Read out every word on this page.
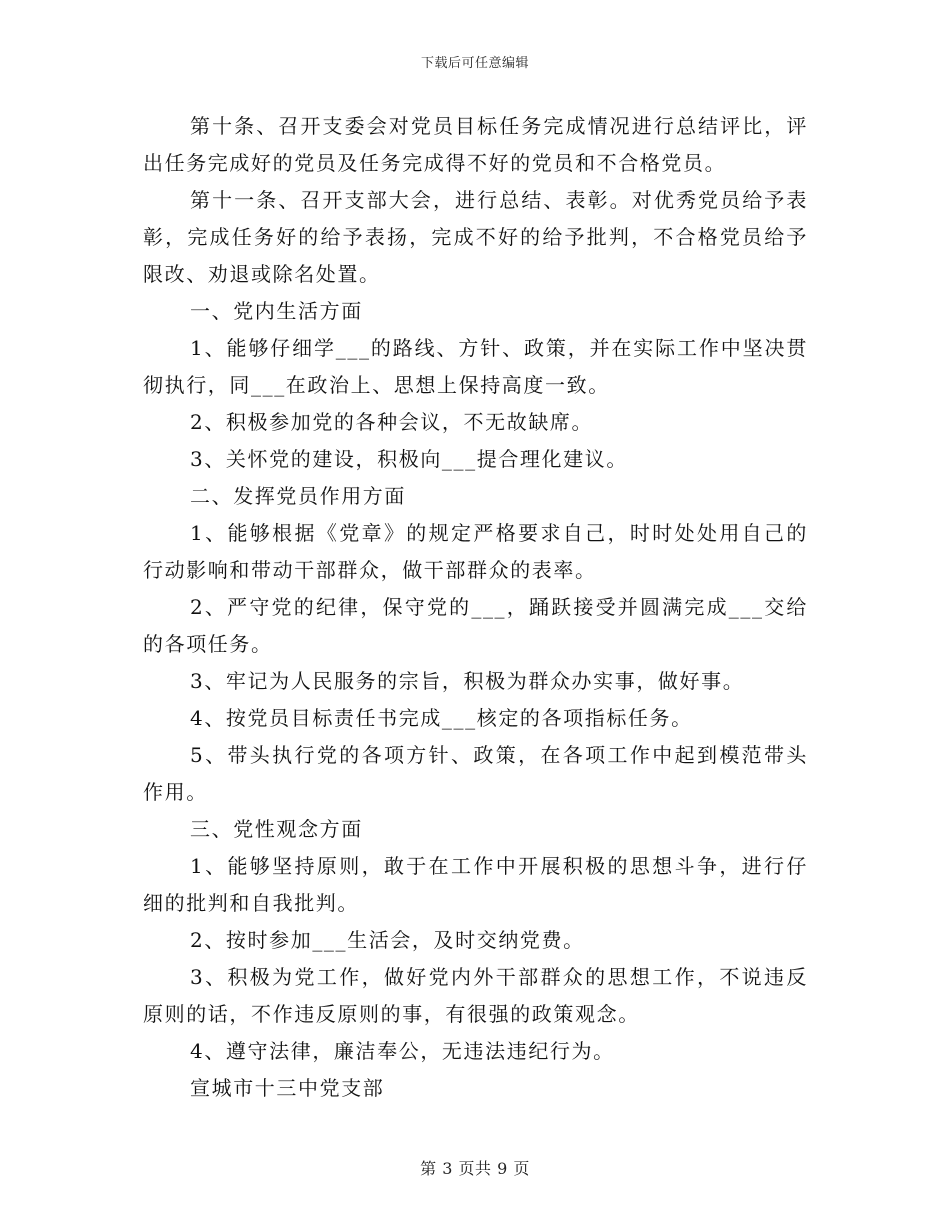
下载后可任意编辑

第十条、召开支委会对党员目标任务完成情况进行总结评比，评出任务完成好的党员及任务完成得不好的党员和不合格党员。

第十一条、召开支部大会，进行总结、表彰。对优秀党员给予表彰，完成任务好的给予表扬，完成不好的给予批判，不合格党员给予限改、劝退或除名处置。

一、党内生活方面

1、能够仔细学___的路线、方针、政策，并在实际工作中坚决贯彻执行，同___在政治上、思想上保持高度一致。

2、积极参加党的各种会议，不无故缺席。

3、关怀党的建设，积极向___提合理化建议。

二、发挥党员作用方面

1、能够根据《党章》的规定严格要求自己，时时处处用自己的行动影响和带动干部群众，做干部群众的表率。

2、严守党的纪律，保守党的___，踊跃接受并圆满完成___交给的各项任务。

3、牢记为人民服务的宗旨，积极为群众办实事，做好事。

4、按党员目标责任书完成___核定的各项指标任务。

5、带头执行党的各项方针、政策，在各项工作中起到模范带头作用。

三、党性观念方面

1、能够坚持原则，敢于在工作中开展积极的思想斗争，进行仔细的批判和自我批判。

2、按时参加___生活会，及时交纳党费。

3、积极为党工作，做好党内外干部群众的思想工作，不说违反原则的话，不作违反原则的事，有很强的政策观念。

4、遵守法律，廉洁奉公，无违法违纪行为。

宣城市十三中党支部

第 3 页共 9 页
